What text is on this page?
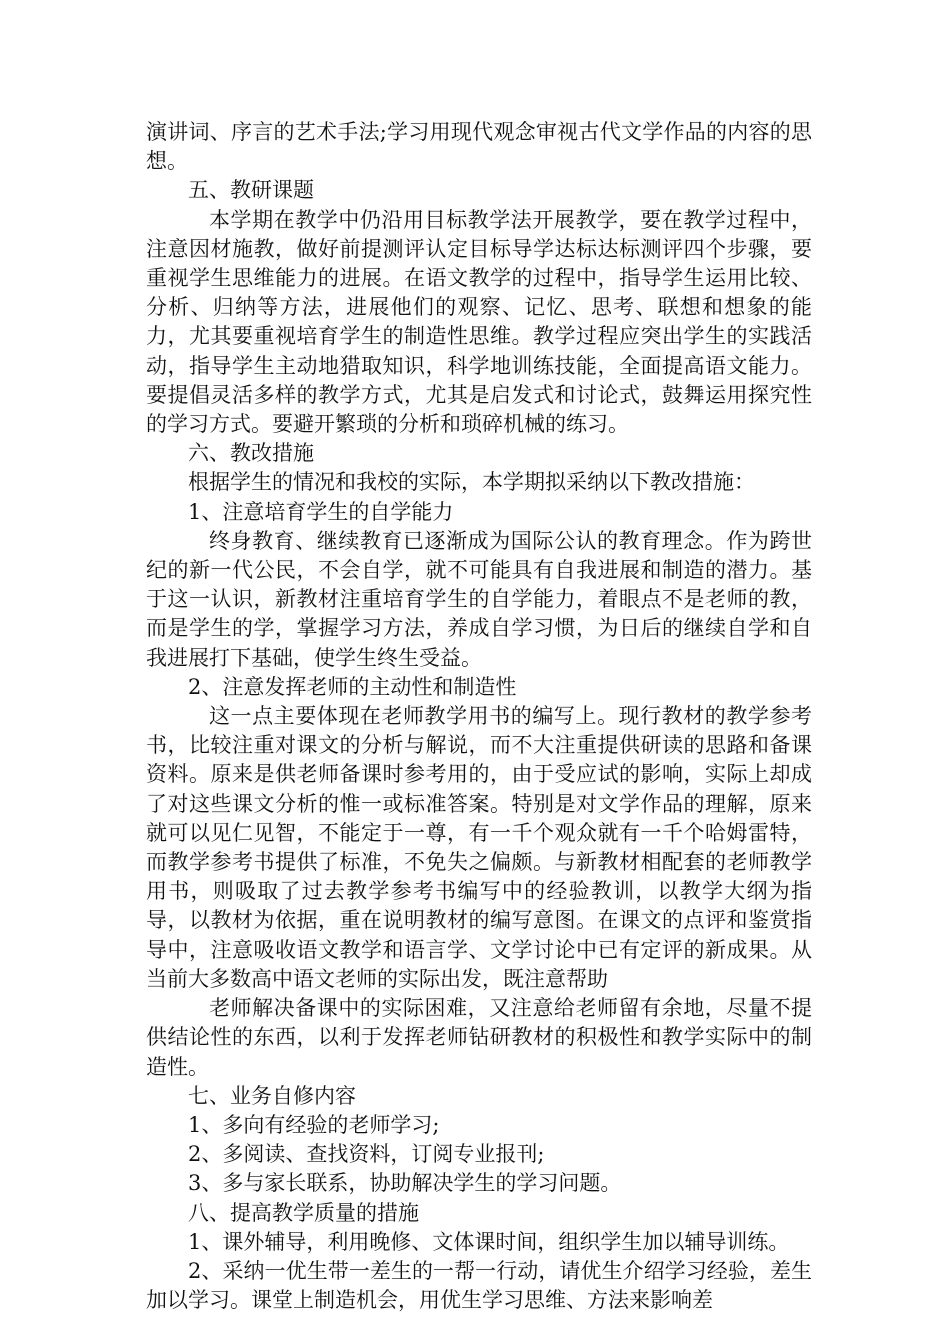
演讲词、序言的艺术手法;学习用现代观念审视古代文学作品的内容的思想。

五、教研课题

本学期在教学中仍沿用目标教学法开展教学，要在教学过程中，注意因材施教，做好前提测评认定目标导学达标达标测评四个步骤，要重视学生思维能力的进展。在语文教学的过程中，指导学生运用比较、分析、归纳等方法，进展他们的观察、记忆、思考、联想和想象的能力，尤其要重视培育学生的制造性思维。教学过程应突出学生的实践活动，指导学生主动地猎取知识，科学地训练技能，全面提高语文能力。要提倡灵活多样的教学方式，尤其是启发式和讨论式，鼓舞运用探究性的学习方式。要避开繁琐的分析和琐碎机械的练习。

六、教改措施

根据学生的情况和我校的实际，本学期拟采纳以下教改措施：

1、注意培育学生的自学能力

终身教育、继续教育已逐渐成为国际公认的教育理念。作为跨世纪的新一代公民，不会自学，就不可能具有自我进展和制造的潜力。基于这一认识，新教材注重培育学生的自学能力，着眼点不是老师的教，而是学生的学，掌握学习方法，养成自学习惯，为日后的继续自学和自我进展打下基础，使学生终生受益。

2、注意发挥老师的主动性和制造性

这一点主要体现在老师教学用书的编写上。现行教材的教学参考书，比较注重对课文的分析与解说，而不大注重提供研读的思路和备课资料。原来是供老师备课时参考用的，由于受应试的影响，实际上却成了对这些课文分析的惟一或标准答案。特别是对文学作品的理解，原来就可以见仁见智，不能定于一尊，有一千个观众就有一千个哈姆雷特，而教学参考书提供了标准，不免失之偏颇。与新教材相配套的老师教学用书，则吸取了过去教学参考书编写中的经验教训，以教学大纲为指导，以教材为依据，重在说明教材的编写意图。在课文的点评和鉴赏指导中，注意吸收语文教学和语言学、文学讨论中已有定评的新成果。从当前大多数高中语文老师的实际出发，既注意帮助

老师解决备课中的实际困难，又注意给老师留有余地，尽量不提供结论性的东西，以利于发挥老师钻研教材的积极性和教学实际中的制造性。

七、业务自修内容

1、多向有经验的老师学习;

2、多阅读、查找资料，订阅专业报刊;

3、多与家长联系，协助解决学生的学习问题。

八、提高教学质量的措施

1、课外辅导，利用晚修、文体课时间，组织学生加以辅导训练。

2、采纳一优生带一差生的一帮一行动，请优生介绍学习经验，差生加以学习。课堂上制造机会，用优生学习思维、方法来影响差
